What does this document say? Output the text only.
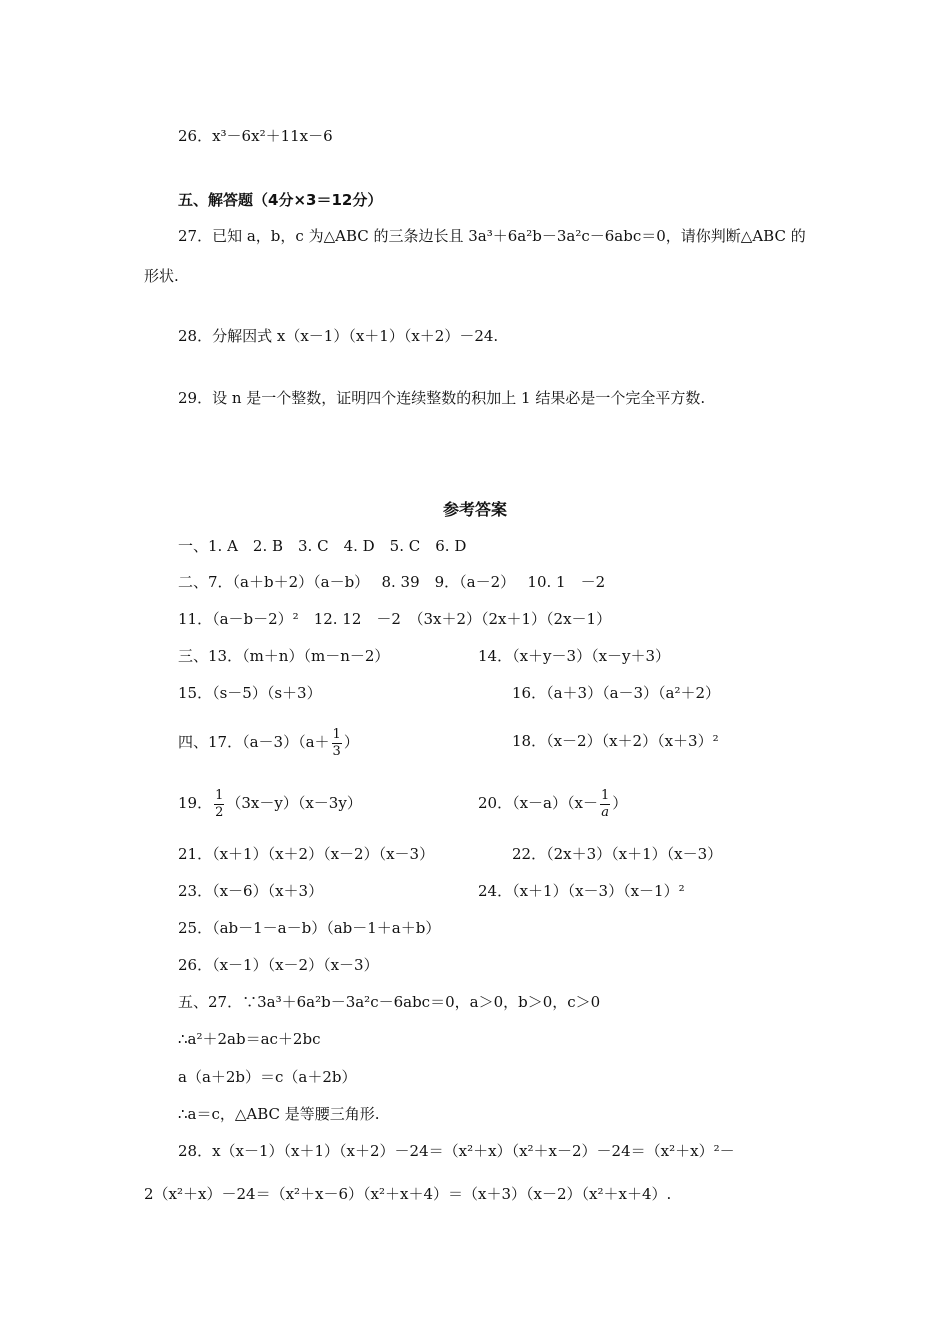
26．x³－6x²＋11x－6
五、解答题（4分×3＝12分）
27．已知 a，b，c 为△ABC 的三条边长且 3a³＋6a²b－3a²c－6abc＝0，请你判断△ABC 的
形状.
28．分解因式 x（x－1）（x＋1）（x＋2）－24.
29．设 n 是一个整数，证明四个连续整数的积加上 1 结果必是一个完全平方数.
参考答案
一、1. A　2. B　3. C　4. D　5. C　6. D
二、7．（a＋b＋2）（a－b）　 8. 39　9．（a－2）　 10. 1　－2
11．（a－b－2）²　12. 12　－2　（3x＋2）（2x＋1）（2x－1）
三、13．（m＋n）（m－n－2）	14．（x＋y－3）（x－y＋3）
15．（s－5）（s＋3）	16．（a＋3）（a－3）（a²＋2）
四、17．$(a-3)(a+ \frac{1}{3}$ ）	18．（x－2）（x＋2）（x＋3）²
19． $\frac{1}{2} (3x-y)(x-3y)$	20．$(x-a)(x- \frac{1}{a}$ ）
21．（x＋1）（x＋2）（x－2）（x－3）	22．（2x＋3）（x＋1）（x－3）
23．（x－6）（x＋3）	24．（x＋1）（x－3）（x－1）²
25．（ab－1－a－b）（ab－1＋a＋b）
26．（x－1）（x－2）（x－3）
五、27．∵3a³＋6a²b－3a²c－6abc＝0，a＞0，b＞0，c＞0
∴a²＋2ab＝ac＋2bc
a（a＋2b）＝c（a＋2b）
∴a＝c，△ABC 是等腰三角形.
28．x（x－1）（x＋1）（x＋2）－24＝（x²＋x）（x²＋x－2）－24＝（x²＋x）²－
2（x²＋x）－24＝（x²＋x－6）（x²＋x＋4）＝（x＋3）（x－2）（x²＋x＋4）.
